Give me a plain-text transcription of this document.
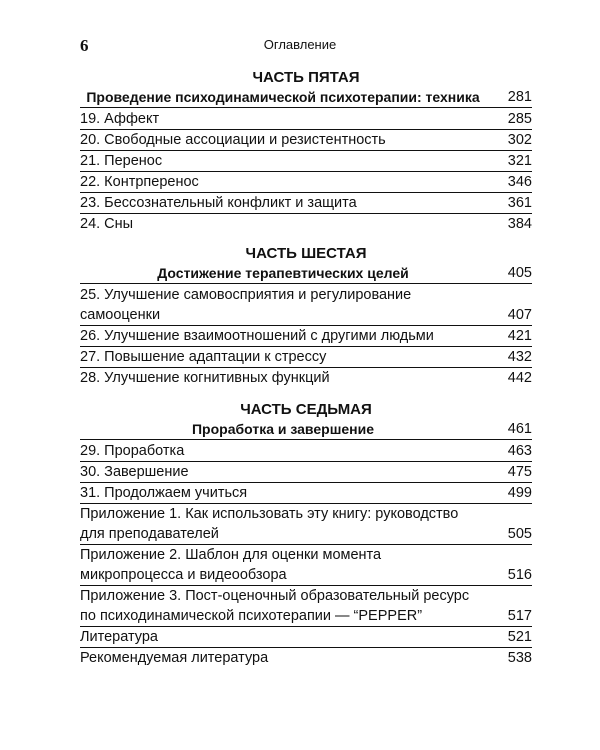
6	Оглавление
ЧАСТЬ ПЯТАЯ
Проведение психодинамической психотерапии: техника	281
19. Аффект	285
20. Свободные ассоциации и резистентность	302
21. Перенос	321
22. Контрперенос	346
23. Бессознательный конфликт и защита	361
24. Сны	384
ЧАСТЬ ШЕСТАЯ
Достижение терапевтических целей	405
25. Улучшение самовосприятия и регулирование самооценки	407
26. Улучшение взаимоотношений с другими людьми	421
27. Повышение адаптации к стрессу	432
28. Улучшение когнитивных функций	442
ЧАСТЬ СЕДЬМАЯ
Проработка и завершение	461
29. Проработка	463
30. Завершение	475
31. Продолжаем учиться	499
Приложение 1. Как использовать эту книгу: руководство для преподавателей	505
Приложение 2. Шаблон для оценки момента микропроцесса и видеообзора	516
Приложение 3. Пост-оценочный образовательный ресурс по психодинамической психотерапии — “PEPPER”	517
Литература	521
Рекомендуемая литература	538
